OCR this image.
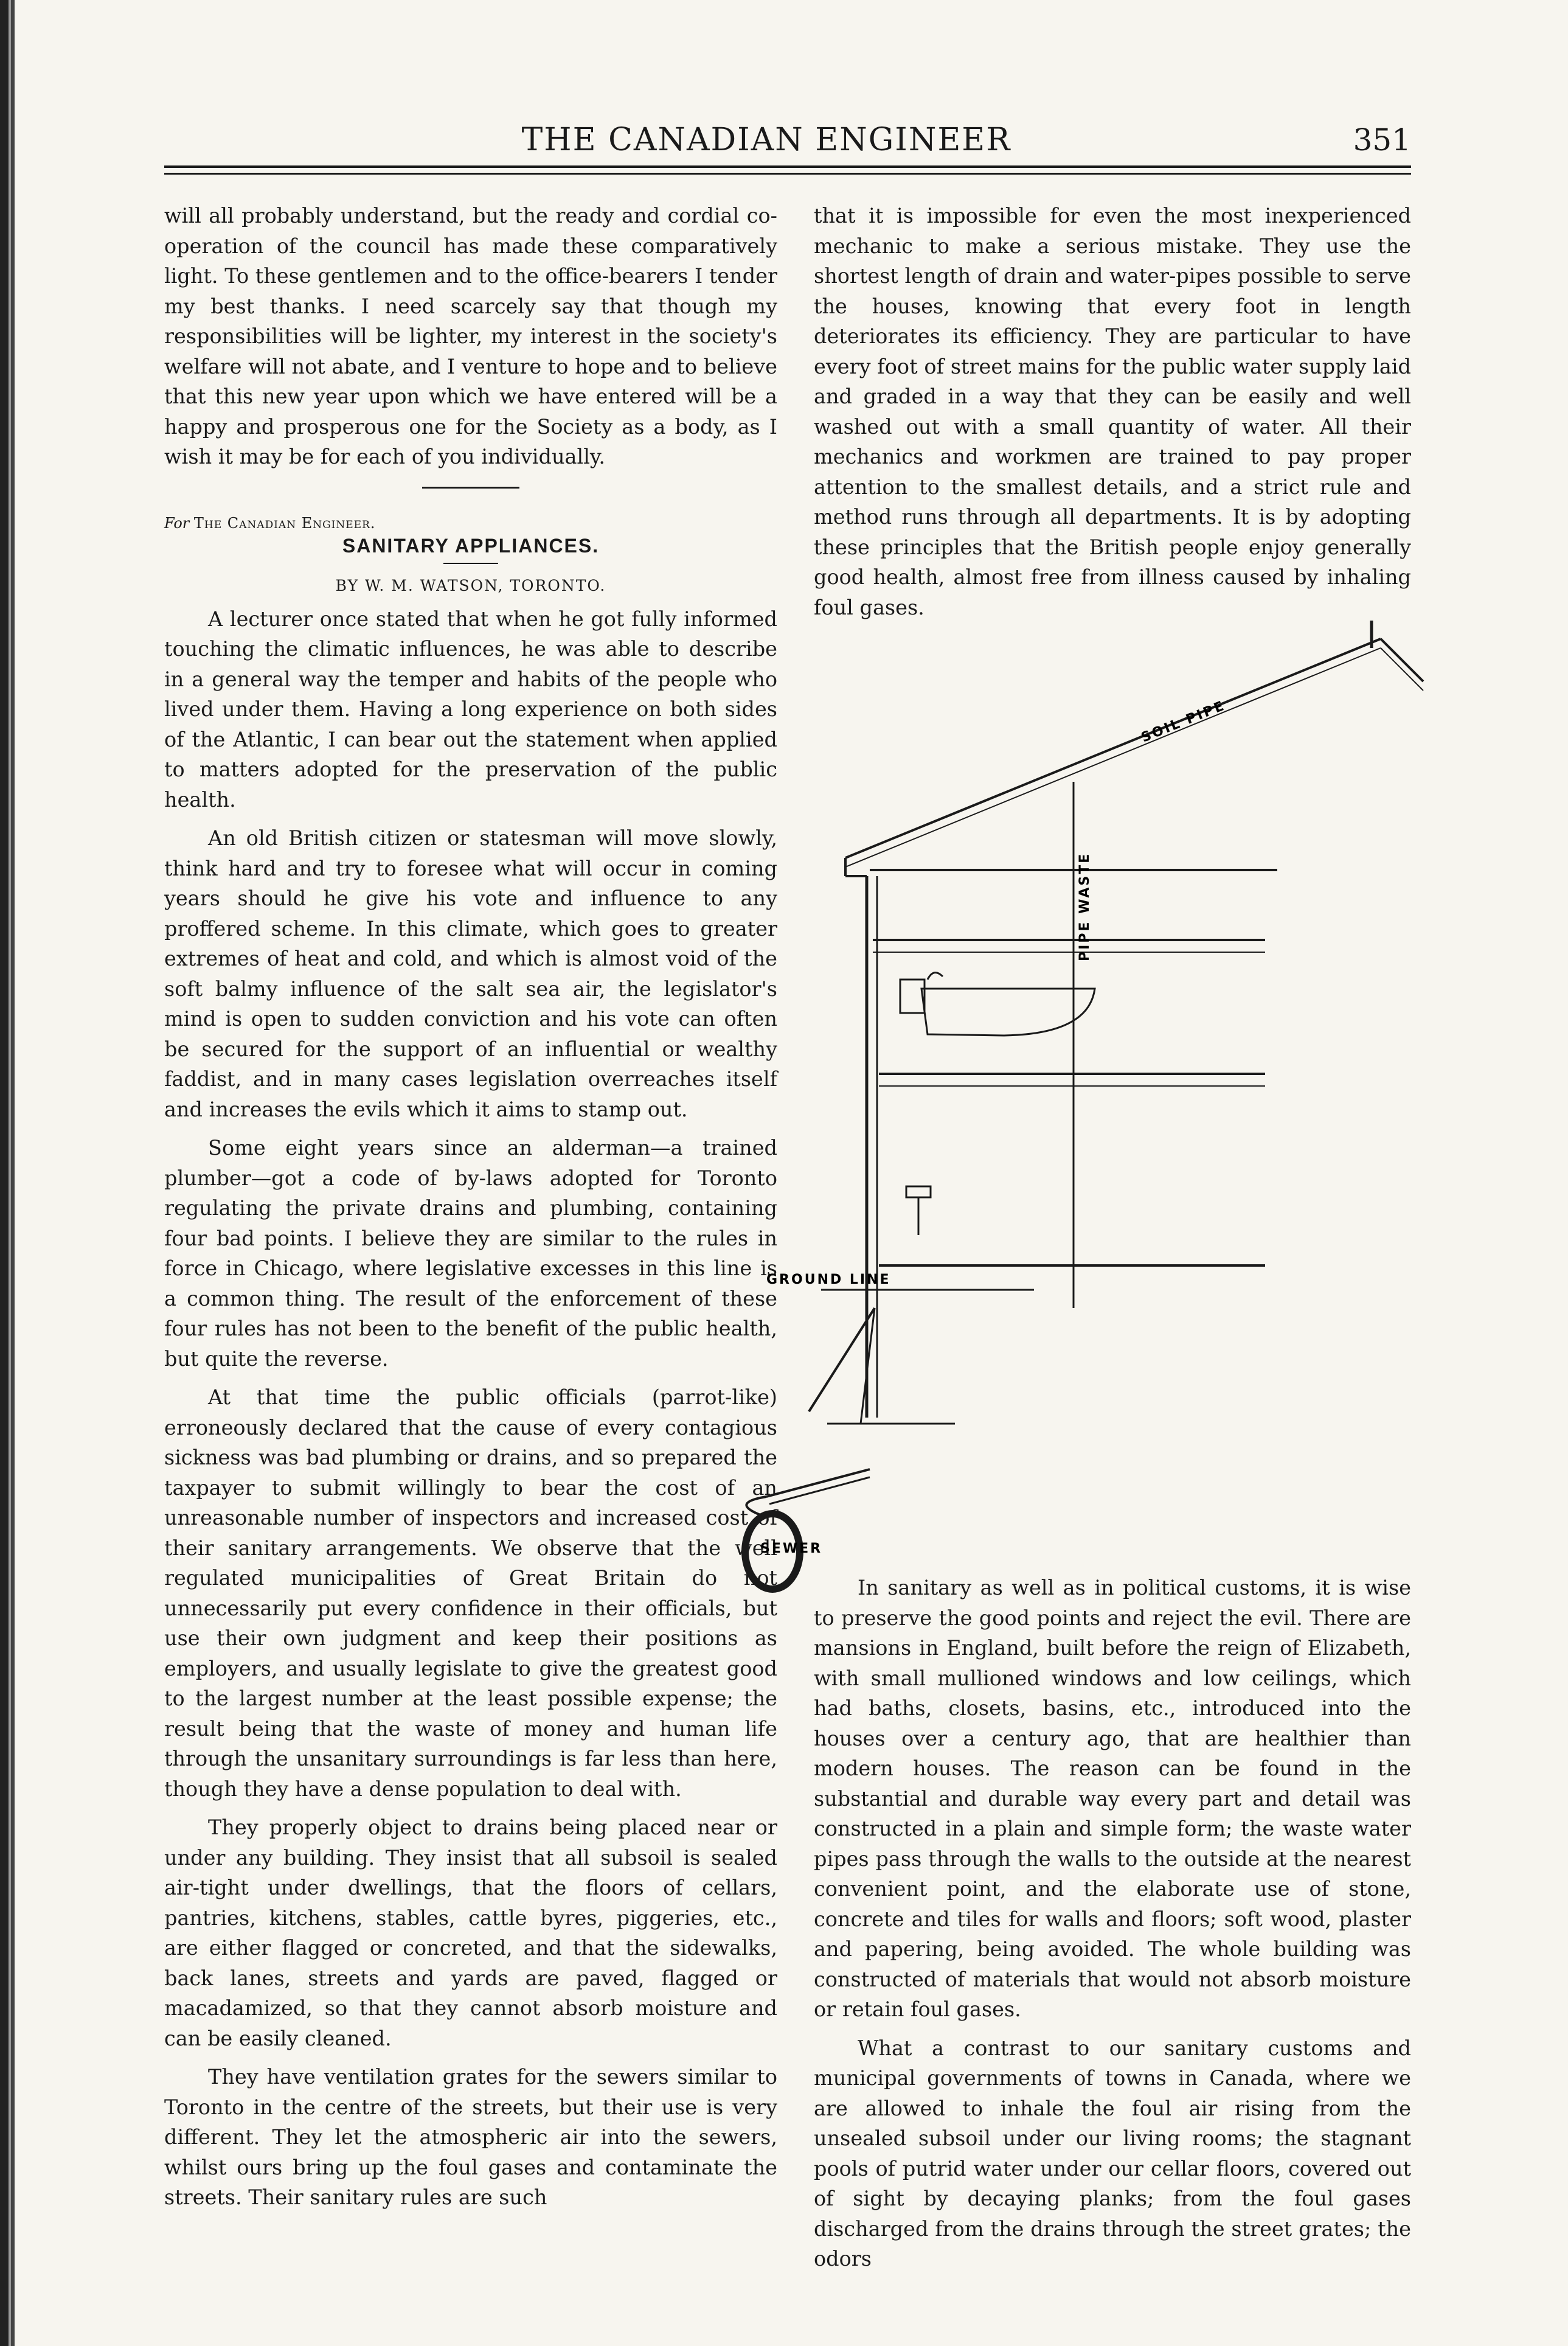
THE CANADIAN ENGINEER	351

will all probably understand, but the ready and cordial co-operation of the council has made these comparatively light. To these gentlemen and to the office-bearers I tender my best thanks. I need scarcely say that though my responsibilities will be lighter, my interest in the society's welfare will not abate, and I venture to hope and to believe that this new year upon which we have entered will be a happy and prosperous one for the Society as a body, as I wish it may be for each of you individually.

For The Canadian Engineer.
SANITARY APPLIANCES.
BY W. M. WATSON, TORONTO.

A lecturer once stated that when he got fully informed touching the climatic influences, he was able to describe in a general way the temper and habits of the people who lived under them. Having a long experience on both sides of the Atlantic, I can bear out the statement when applied to matters adopted for the preservation of the public health.

An old British citizen or statesman will move slowly, think hard and try to foresee what will occur in coming years should he give his vote and influence to any proffered scheme. In this climate, which goes to greater extremes of heat and cold, and which is almost void of the soft balmy influence of the salt sea air, the legislator's mind is open to sudden conviction and his vote can often be secured for the support of an influential or wealthy faddist, and in many cases legislation overreaches itself and increases the evils which it aims to stamp out.

Some eight years since an alderman—a trained plumber—got a code of by-laws adopted for Toronto regulating the private drains and plumbing, containing four bad points. I believe they are similar to the rules in force in Chicago, where legislative excesses in this line is a common thing. The result of the enforcement of these four rules has not been to the benefit of the public health, but quite the reverse.

At that time the public officials (parrot-like) erroneously declared that the cause of every contagious sickness was bad plumbing or drains, and so prepared the taxpayer to submit willingly to bear the cost of an unreasonable number of inspectors and increased cost of their sanitary arrangements. We observe that the well regulated municipalities of Great Britain do not unnecessarily put every confidence in their officials, but use their own judgment and keep their positions as employers, and usually legislate to give the greatest good to the largest number at the least possible expense; the result being that the waste of money and human life through the unsanitary surroundings is far less than here, though they have a dense population to deal with.

They properly object to drains being placed near or under any building. They insist that all subsoil is sealed air-tight under dwellings, that the floors of cellars, pantries, kitchens, stables, cattle byres, piggeries, etc., are either flagged or concreted, and that the sidewalks, back lanes, streets and yards are paved, flagged or macadamized, so that they cannot absorb moisture and can be easily cleaned.

They have ventilation grates for the sewers similar to Toronto in the centre of the streets, but their use is very different. They let the atmospheric air into the sewers, whilst ours bring up the foul gases and contaminate the streets. Their sanitary rules are such

that it is impossible for even the most inexperienced mechanic to make a serious mistake. They use the shortest length of drain and water-pipes possible to serve the houses, knowing that every foot in length deteriorates its efficiency. They are particular to have every foot of street mains for the public water supply laid and graded in a way that they can be easily and well washed out with a small quantity of water. All their mechanics and workmen are trained to pay proper attention to the smallest details, and a strict rule and method runs through all departments. It is by adopting these principles that the British people enjoy generally good health, almost free from illness caused by inhaling foul gases.

SOIL PIPE
PIPE WASTE
GROUND LINE
SEWER

In sanitary as well as in political customs, it is wise to preserve the good points and reject the evil. There are mansions in England, built before the reign of Elizabeth, with small mullioned windows and low ceilings, which had baths, closets, basins, etc., introduced into the houses over a century ago, that are healthier than modern houses. The reason can be found in the substantial and durable way every part and detail was constructed in a plain and simple form; the waste water pipes pass through the walls to the outside at the nearest convenient point, and the elaborate use of stone, concrete and tiles for walls and floors; soft wood, plaster and papering, being avoided. The whole building was constructed of materials that would not absorb moisture or retain foul gases.

What a contrast to our sanitary customs and municipal governments of towns in Canada, where we are allowed to inhale the foul air rising from the unsealed subsoil under our living rooms; the stagnant pools of putrid water under our cellar floors, covered out of sight by decaying planks; from the foul gases discharged from the drains through the street grates; the odors
